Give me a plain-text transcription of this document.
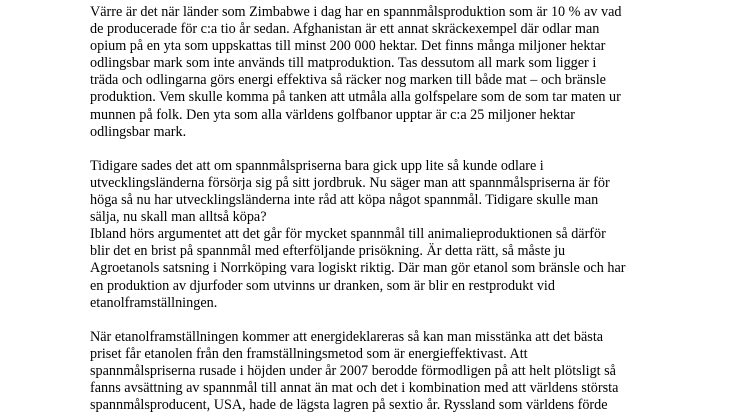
Värre är det när länder som Zimbabwe i dag har en spannmålsproduktion som är 10 % av vad
de producerade för c:a tio år sedan. Afghanistan är ett annat skräckexempel där odlar man
opium på en yta som uppskattas till minst 200 000 hektar. Det finns många miljoner hektar
odlingsbar mark som inte används till matproduktion. Tas dessutom all mark som ligger i
träda och odlingarna görs energi effektiva så räcker nog marken till både mat – och bränsle
produktion. Vem skulle komma på tanken att utmåla alla golfspelare som de som tar maten ur
munnen på folk. Den yta som alla världens golfbanor upptar är c:a 25 miljoner hektar
odlingsbar mark.

Tidigare sades det att om spannmålspriserna bara gick upp lite så kunde odlare i
utvecklingsländerna försörja sig på sitt jordbruk. Nu säger man att spannmålspriserna är för
höga så nu har utvecklingsländerna inte råd att köpa något spannmål. Tidigare skulle man
sälja, nu skall man alltså köpa?
Ibland hörs argumentet att det går för mycket spannmål till animalieproduktionen så därför
blir det en brist på spannmål med efterföljande prisökning. Är detta rätt, så måste ju
Agroetanols satsning i Norrköping vara logiskt riktig. Där man gör etanol som bränsle och har
en produktion av djurfoder som utvinns ur dranken, som är blir en restprodukt vid
etanolframställningen.

När etanolframställningen kommer att energideklareras så kan man misstänka att det bästa
priset får etanolen från den framställningsmetod som är energieffektivast. Att
spannmålspriserna rusade i höjden under år 2007 berodde förmodligen på att helt plötsligt så
fanns avsättning av spannmål till annat än mat och det i kombination med att världens största
spannmålsproducent, USA, hade de lägsta lagren på sextio år. Ryssland som världens förde
